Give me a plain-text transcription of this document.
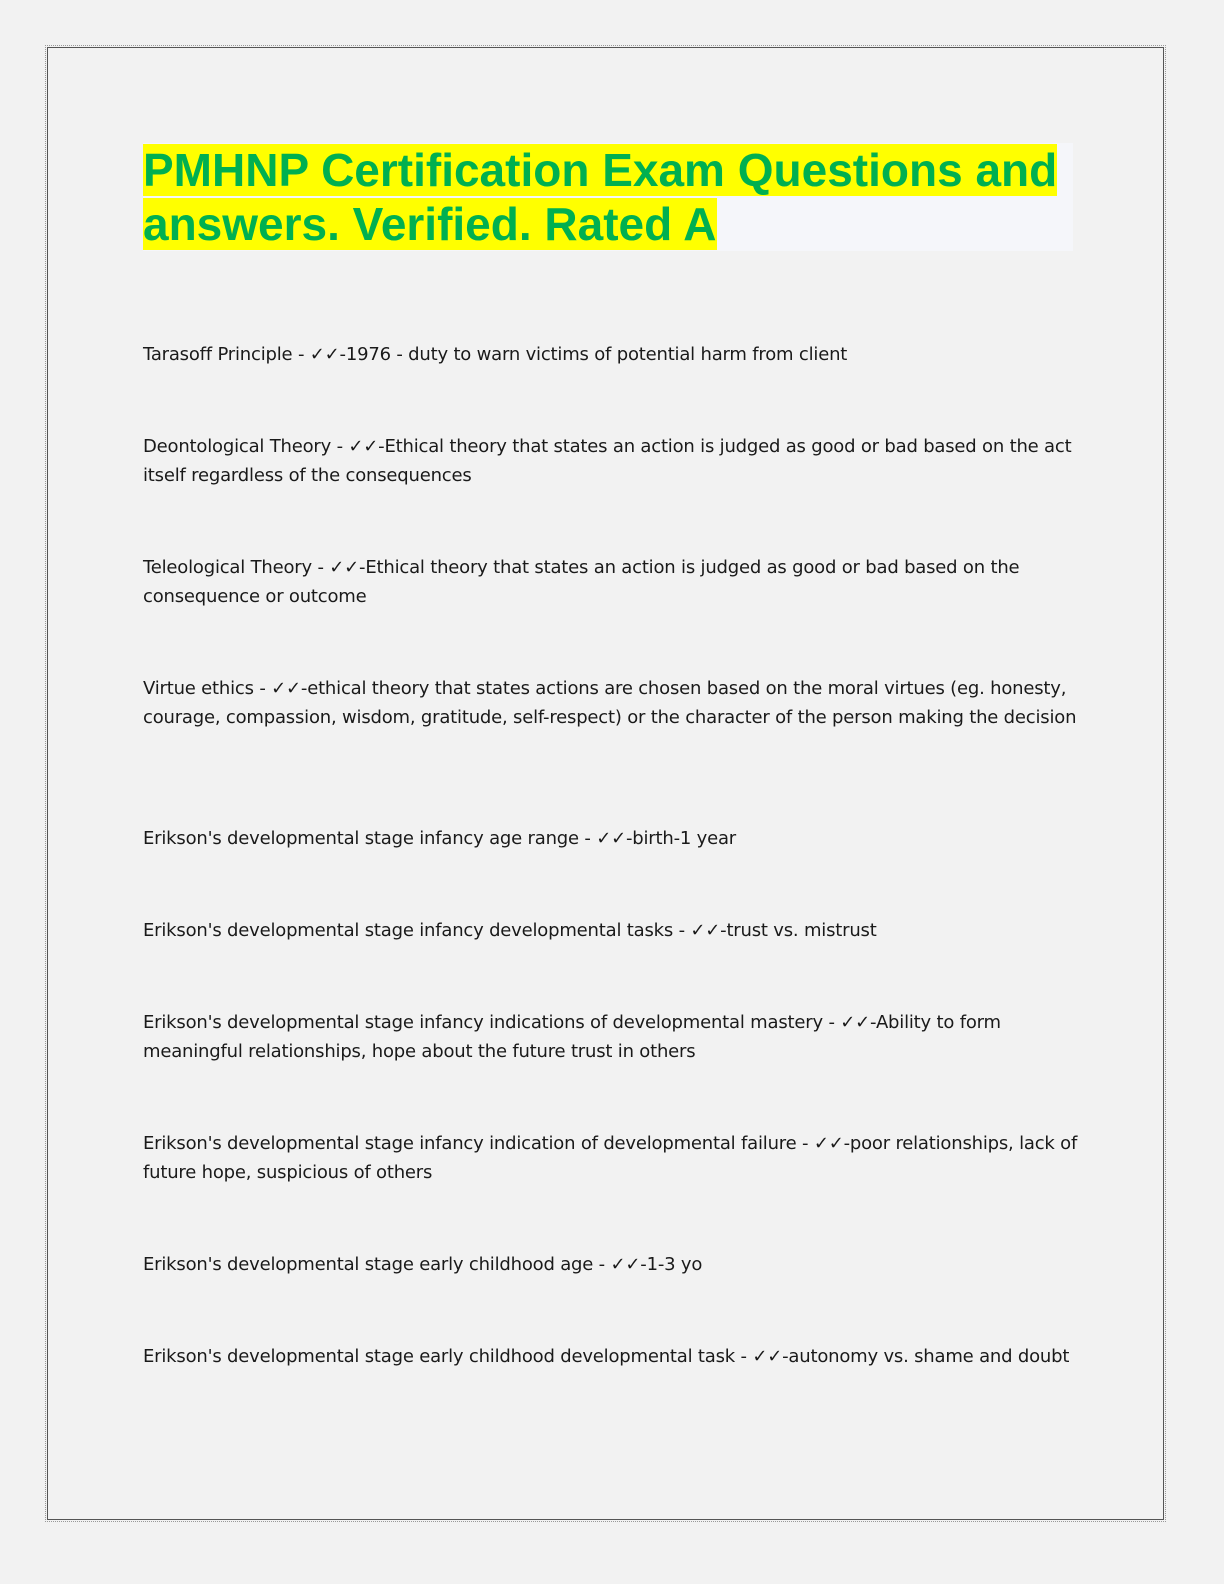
PMHNP Certification Exam Questions and answers. Verified. Rated A

Tarasoff Principle - ✓✓-1976 - duty to warn victims of potential harm from client

Deontological Theory - ✓✓-Ethical theory that states an action is judged as good or bad based on the act itself regardless of the consequences

Teleological Theory - ✓✓-Ethical theory that states an action is judged as good or bad based on the consequence or outcome

Virtue ethics - ✓✓-ethical theory that states actions are chosen based on the moral virtues (eg. honesty, courage, compassion, wisdom, gratitude, self-respect) or the character of the person making the decision

Erikson's developmental stage infancy age range - ✓✓-birth-1 year

Erikson's developmental stage infancy developmental tasks - ✓✓-trust vs. mistrust

Erikson's developmental stage infancy indications of developmental mastery - ✓✓-Ability to form meaningful relationships, hope about the future trust in others

Erikson's developmental stage infancy indication of developmental failure - ✓✓-poor relationships, lack of future hope, suspicious of others

Erikson's developmental stage early childhood age - ✓✓-1-3 yo

Erikson's developmental stage early childhood developmental task - ✓✓-autonomy vs. shame and doubt
